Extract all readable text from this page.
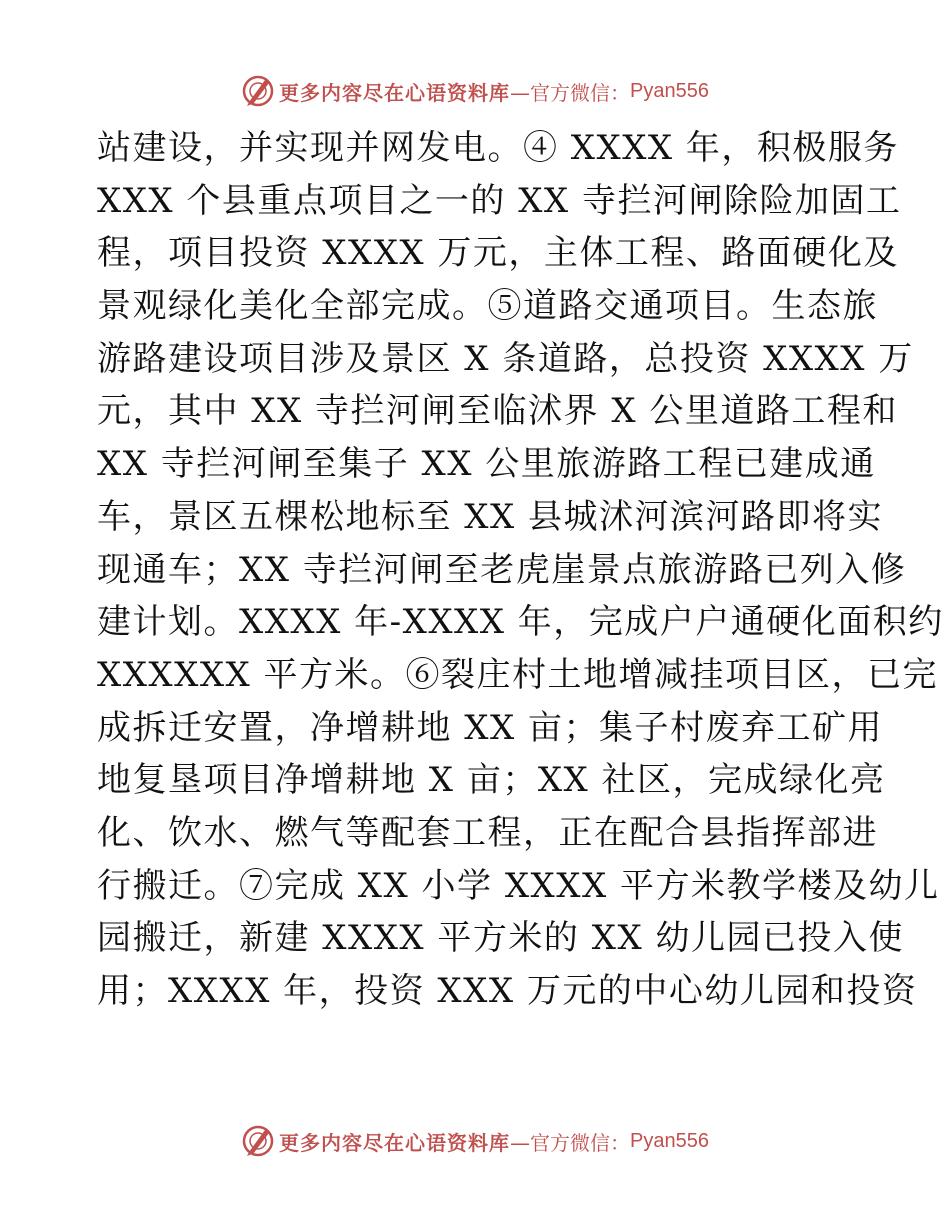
更多内容尽在心语资料库 —官方微信： Pyan556
站建设，并实现并网发电。④ XXXX 年，积极服务
XXX 个县重点项目之一的 XX 寺拦河闸除险加固工
程，项目投资 XXXX 万元，主体工程、路面硬化及
景观绿化美化全部完成。⑤道路交通项目。生态旅
游路建设项目涉及景区 X 条道路，总投资 XXXX 万
元，其中 XX 寺拦河闸至临沭界 X 公里道路工程和
XX 寺拦河闸至集子 XX 公里旅游路工程已建成通
车，景区五棵松地标至 XX 县城沭河滨河路即将实
现通车；XX 寺拦河闸至老虎崖景点旅游路已列入修
建计划。XXXX 年-XXXX 年，完成户户通硬化面积约
XXXXXX 平方米。⑥裂庄村土地增减挂项目区，已完
成拆迁安置，净增耕地 XX 亩；集子村废弃工矿用
地复垦项目净增耕地 X 亩；XX 社区，完成绿化亮
化、饮水、燃气等配套工程，正在配合县指挥部进
行搬迁。⑦完成 XX 小学 XXXX 平方米教学楼及幼儿
园搬迁，新建 XXXX 平方米的 XX 幼儿园已投入使
用；XXXX 年，投资 XXX 万元的中心幼儿园和投资
更多内容尽在心语资料库 —官方微信： Pyan556
